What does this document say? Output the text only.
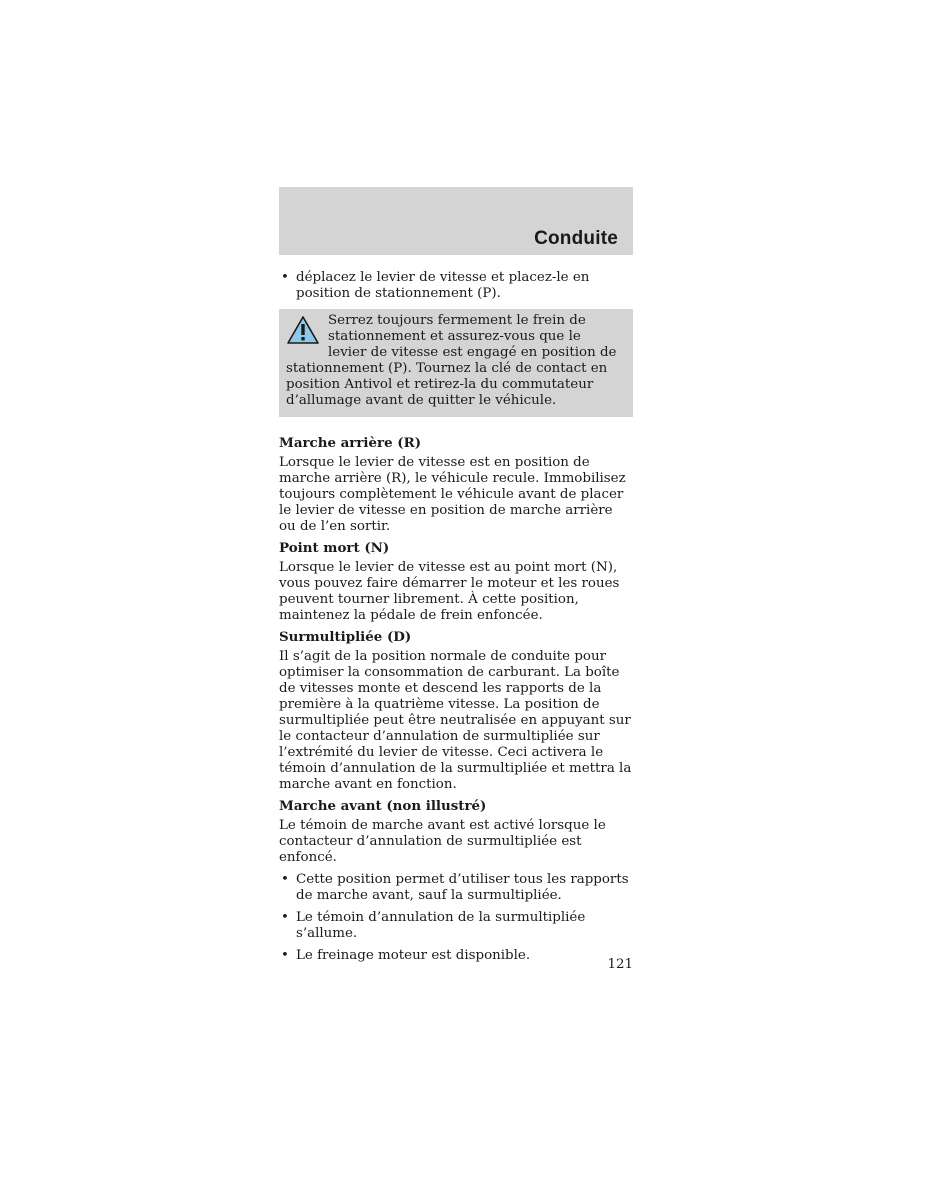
Conduite

• déplacez le levier de vitesse et placez-le en position de stationnement (P).

Serrez toujours fermement le frein de stationnement et assurez-vous que le levier de vitesse est engagé en position de stationnement (P). Tournez la clé de contact en position Antivol et retirez-la du commutateur d’allumage avant de quitter le véhicule.

Marche arrière (R)

Lorsque le levier de vitesse est en position de marche arrière (R), le véhicule recule. Immobilisez toujours complètement le véhicule avant de placer le levier de vitesse en position de marche arrière ou de l’en sortir.

Point mort (N)

Lorsque le levier de vitesse est au point mort (N), vous pouvez faire démarrer le moteur et les roues peuvent tourner librement. À cette position, maintenez la pédale de frein enfoncée.

Surmultipliée (D)

Il s’agit de la position normale de conduite pour optimiser la consommation de carburant. La boîte de vitesses monte et descend les rapports de la première à la quatrième vitesse. La position de surmultipliée peut être neutralisée en appuyant sur le contacteur d’annulation de surmultipliée sur l’extrémité du levier de vitesse. Ceci activera le témoin d’annulation de la surmultipliée et mettra la marche avant en fonction.

Marche avant (non illustré)

Le témoin de marche avant est activé lorsque le contacteur d’annulation de surmultipliée est enfoncé.

• Cette position permet d’utiliser tous les rapports de marche avant, sauf la surmultipliée.

• Le témoin d’annulation de la surmultipliée s’allume.

• Le freinage moteur est disponible.

121
